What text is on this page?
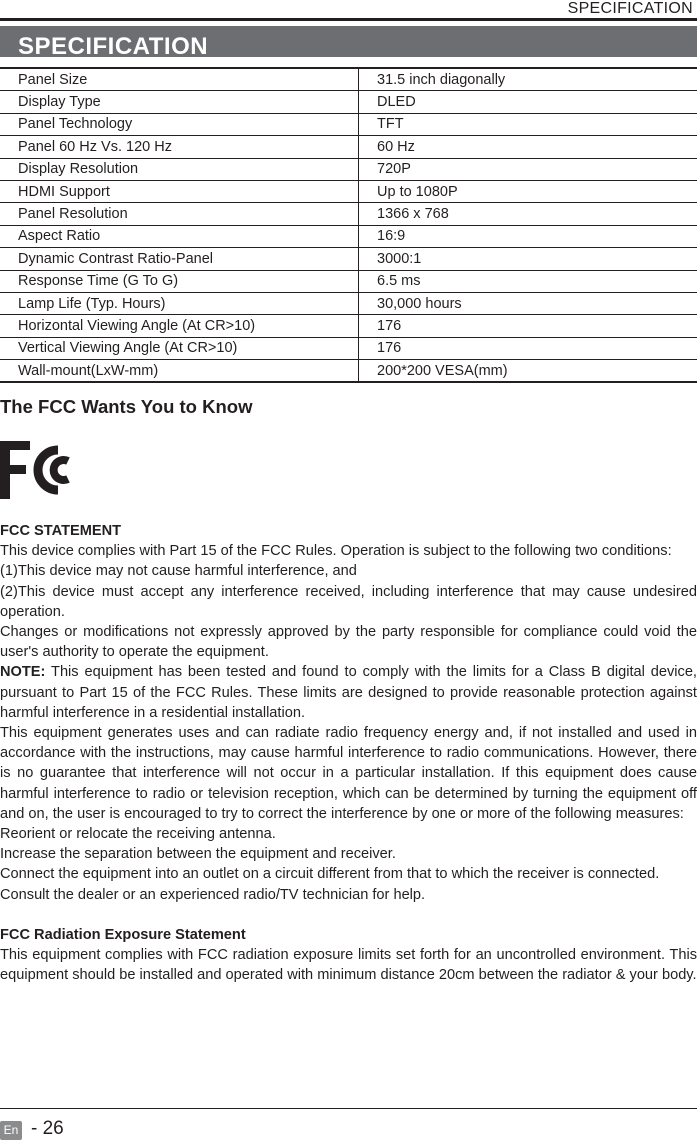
SPECIFICATION
SPECIFICATION
Panel Size	31.5 inch diagonally
Display Type	DLED
Panel Technology	TFT
Panel 60 Hz Vs. 120 Hz	60 Hz
Display Resolution	720P
HDMI Support	Up to 1080P
Panel Resolution	1366 x 768
Aspect Ratio	16:9
Dynamic Contrast Ratio-Panel	3000:1
Response Time (G To G)	6.5 ms
Lamp Life (Typ. Hours)	30,000 hours
Horizontal Viewing Angle (At CR>10)	176
Vertical Viewing Angle (At CR>10)	176
Wall-mount(LxW-mm)	200*200 VESA(mm)
The FCC Wants You to Know

FCC STATEMENT

This device complies with Part 15 of the FCC Rules. Operation is subject to the following two conditions:

(1)This device may not cause harmful interference, and

(2)This device must accept any interference received, including interference that may cause undesired operation.

Changes or modifications not expressly approved by the party responsible for compliance could void the user's authority to operate the equipment.

NOTE: This equipment has been tested and found to comply with the limits for a Class B digital device, pursuant to Part 15 of the FCC Rules. These limits are designed to provide reasonable protection against harmful interference in a residential installation.

This equipment generates uses and can radiate radio frequency energy and, if not installed and used in accordance with the instructions, may cause harmful interference to radio communications. However, there is no guarantee that interference will not occur in a particular installation. If this equipment does cause harmful interference to radio or television reception, which can be determined by turning the equipment off and on, the user is encouraged to try to correct the interference by one or more of the following measures:

Reorient or relocate the receiving antenna.

Increase the separation between the equipment and receiver.

Connect the equipment into an outlet on a circuit different from that to which the receiver is connected.

Consult the dealer or an experienced radio/TV technician for help.

FCC Radiation Exposure Statement

This equipment complies with FCC radiation exposure limits set forth for an uncontrolled environment. This equipment should be installed and operated with minimum distance 20cm between the radiator & your body.

En - 26
